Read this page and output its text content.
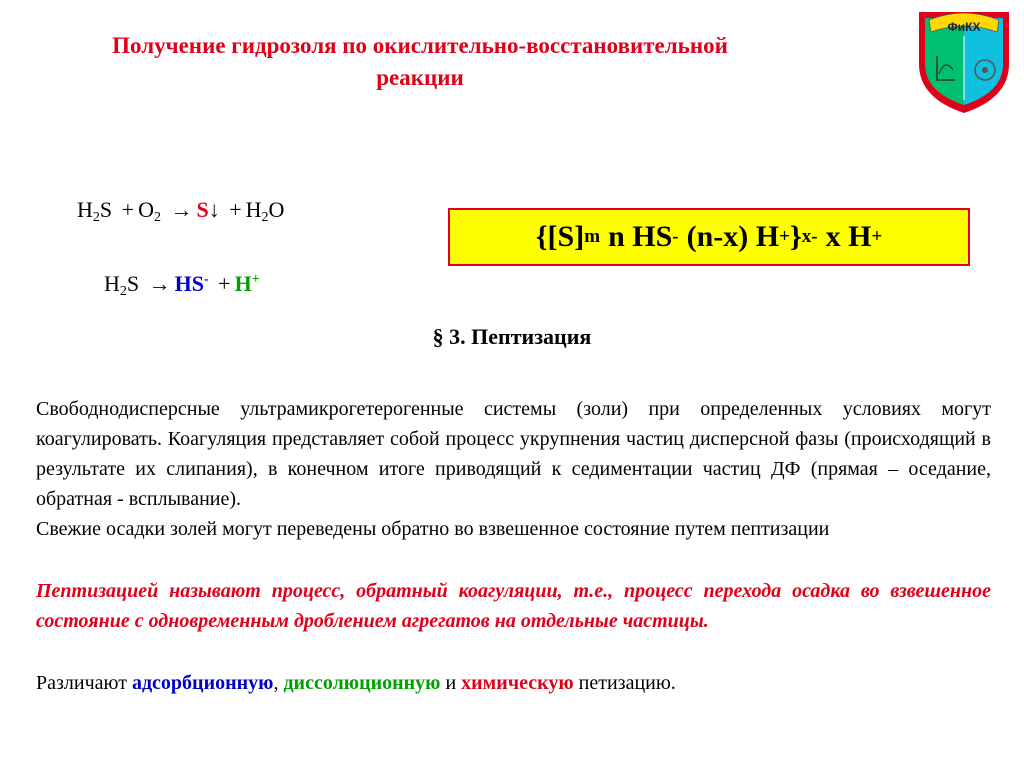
Получение гидрозоля по окислительно-восстановительной
реакции
ФиКХ
$H_2S + O_2$ → S↓ + $H_2O$
$H_2S \to HS^- + H^+$
{[S] m n HS - (n-x) H + } x- x H +
§ 3. Пептизация
Свободнодисперсные ультрамикрогетерогенные системы (золи) при определенных условиях могут коагулировать. Коагуляция представляет собой процесс укрупнения частиц дисперсной фазы (происходящий в результате их слипания), в конечном итоге приводящий к седиментации частиц ДФ (прямая – оседание, обратная - всплывание).
Свежие осадки золей могут переведены обратно во взвешенное состояние путем пептизации
Пептизацией называют процесс, обратный коагуляции, т.е., процесс перехода осадка во взвешенное состояние с одновременным дроблением агрегатов на отдельные частицы.
Различают адсорбционную, диссолюционную и химическую петизацию.
